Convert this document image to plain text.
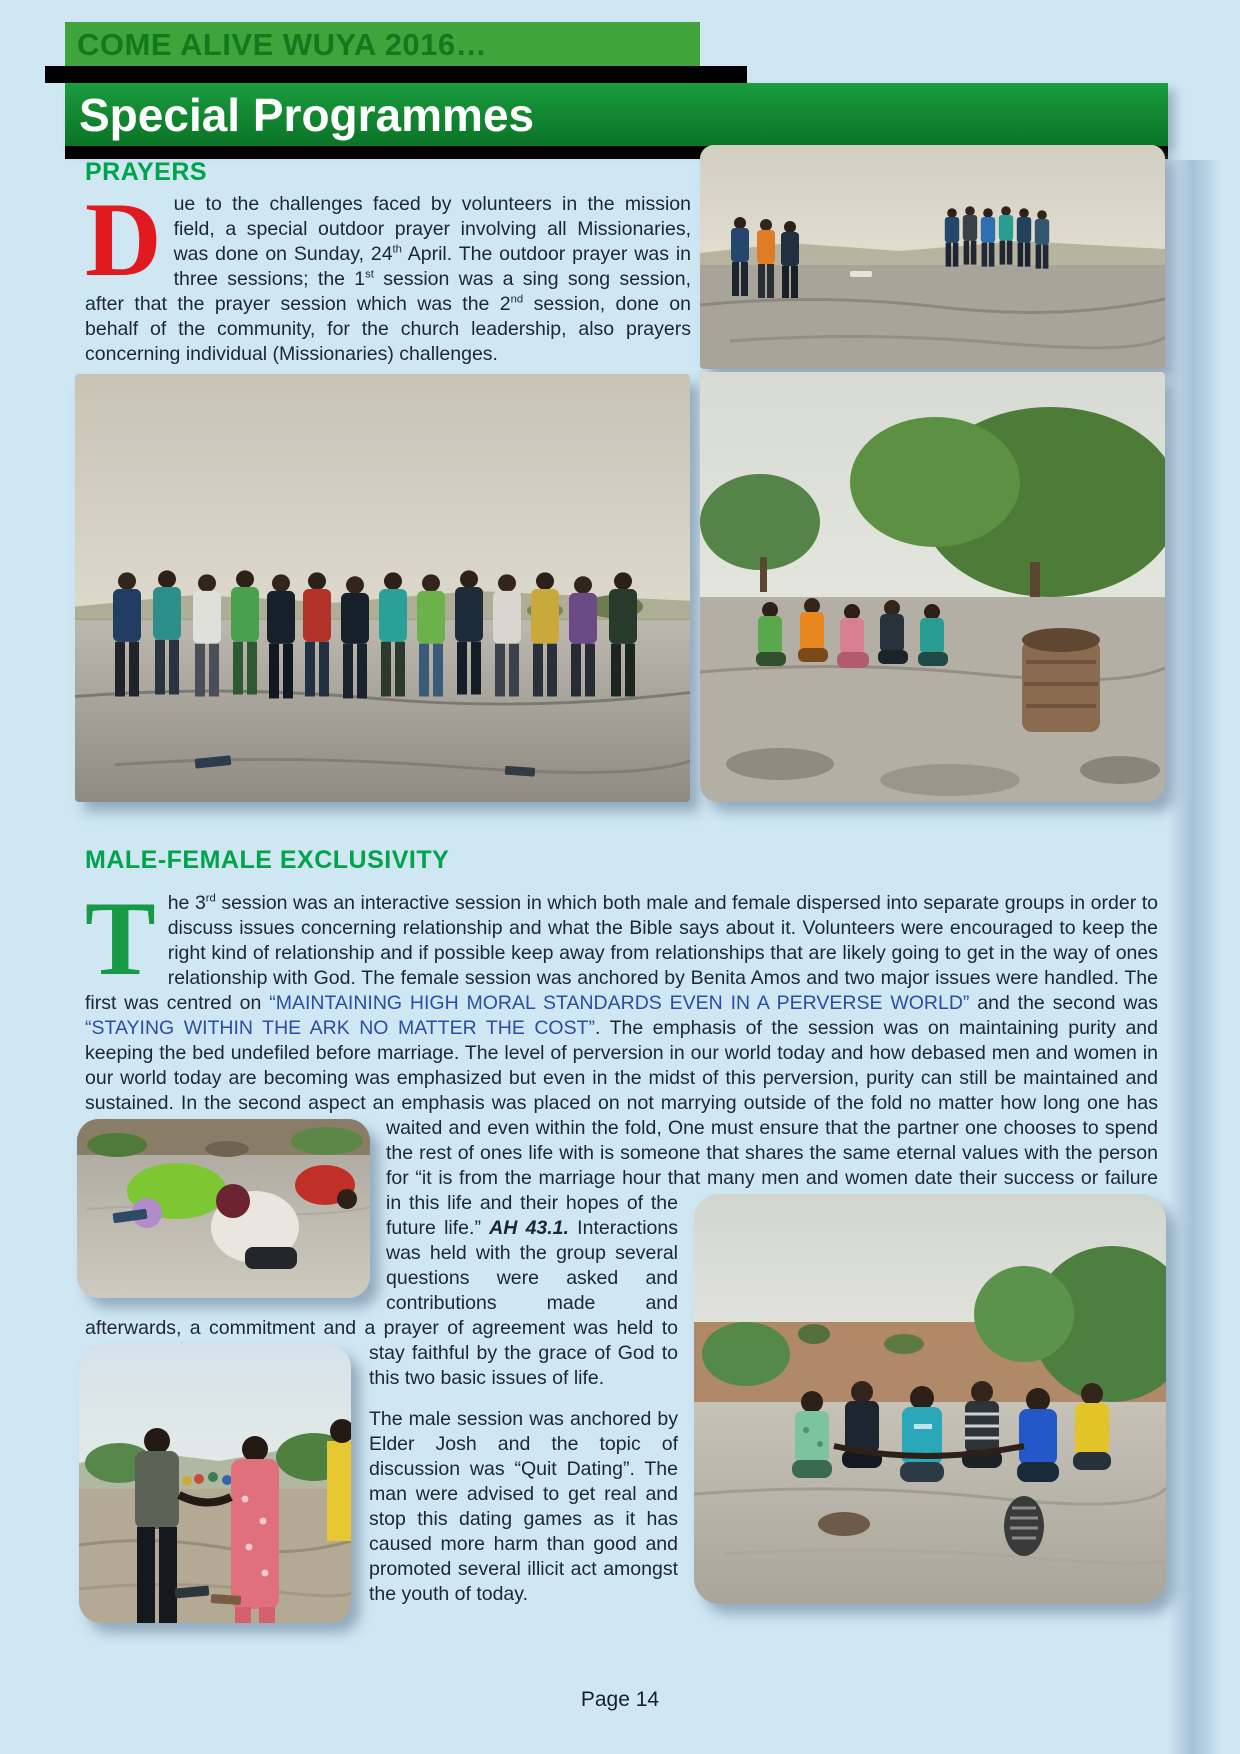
COME ALIVE WUYA 2016…
Special Programmes
PRAYERS
Due to the challenges faced by volunteers in the mission field, a special outdoor prayer involving all Missionaries, was done on Sunday, 24th April. The outdoor prayer was in three sessions; the 1st session was a sing song session, after that the prayer session which was the 2nd session, done on behalf of the community, for the church leadership, also prayers concerning individual (Missionaries) challenges.
MALE-FEMALE EXCLUSIVITY
The 3rd session was an interactive session in which both male and female dispersed into separate groups in order to discuss issues concerning relationship and what the Bible says about it. Volunteers were encouraged to keep the right kind of relationship and if possible keep away from relationships that are likely going to get in the way of ones relationship with God. The female session was anchored by Benita Amos and two major issues were handled. The first was centred on “MAINTAINING HIGH MORAL STANDARDS EVEN IN A PERVERSE WORLD” and the second was “STAYING WITHIN THE ARK NO MATTER THE COST”. The emphasis of the session was on maintaining purity and keeping the bed undefiled before marriage. The level of perversion in our world today and how debased men and women in our world today are becoming was emphasized but even in the midst of this perversion, purity can still be maintained and sustained. In the second aspect an emphasis was placed on not marrying outside of the fold no matter how long one has waited and even within the fold, One must
ensure that the partner one chooses to spend the rest of ones life with is someone that shares the same eternal values with the person for “it is from the marriage hour that many men and women date their success or failure in this life and their hopes of
the future life.” AH 43.1. Interactions was held with the group several questions were asked and contributions made and afterwards, a commitment and a prayer of agreement was held to stay faithful by the grace of
God to this two basic issues of life.
The male session was anchored by Elder Josh and the topic of discussion was “Quit Dating”. The man were advised to get real and stop this dating games as it has caused more harm than good and promoted several illicit act amongst the youth of today.
Page 14
